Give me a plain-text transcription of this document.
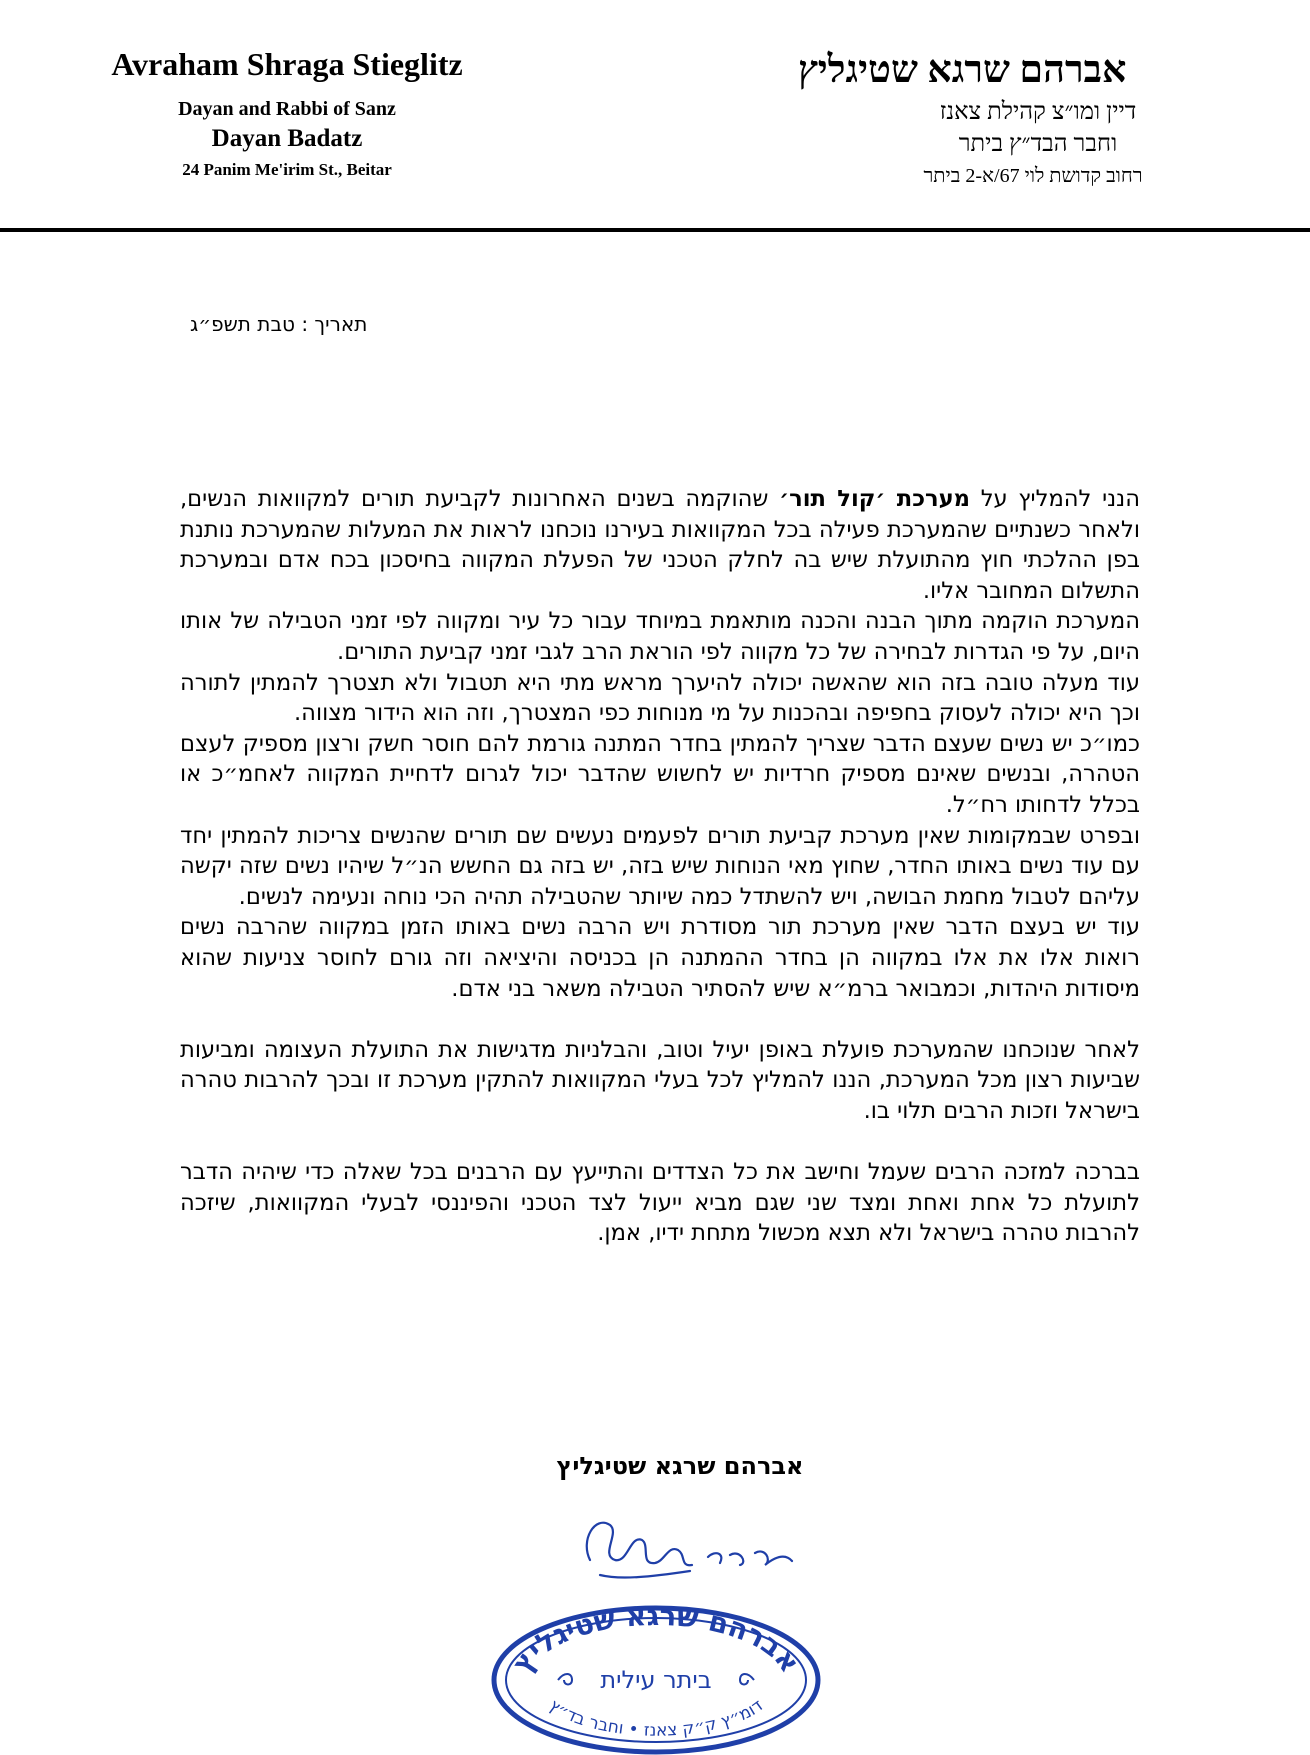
Avraham Shraga Stieglitz
Dayan and Rabbi of Sanz
Dayan Badatz
24 Panim Me'irim St., Beitar
אברהם שרגא שטיגליץ
דיין ומו״צ קהילת צאנז
וחבר הבד״ץ ביתר
רחוב קדושת לוי 67/א-2 ביתר
תאריך : טבת תשפ״ג

הנני להמליץ על מערכת ׳קול תור׳ שהוקמה בשנים האחרונות לקביעת תורים למקוואות הנשים, ולאחר כשנתיים שהמערכת פעילה בכל המקוואות בעירנו נוכחנו לראות את המעלות שהמערכת נותנת בפן ההלכתי חוץ מהתועלת שיש בה לחלק הטכני של הפעלת המקווה בחיסכון בכח אדם ובמערכת התשלום המחובר אליו.

המערכת הוקמה מתוך הבנה והכנה מותאמת במיוחד עבור כל עיר ומקווה לפי זמני הטבילה של אותו היום, על פי הגדרות לבחירה של כל מקווה לפי הוראת הרב לגבי זמני קביעת התורים.

עוד מעלה טובה בזה הוא שהאשה יכולה להיערך מראש מתי היא תטבול ולא תצטרך להמתין לתורה וכך היא יכולה לעסוק בחפיפה ובהכנות על מי מנוחות כפי המצטרך, וזה הוא הידור מצווה.

כמו״כ יש נשים שעצם הדבר שצריך להמתין בחדר המתנה גורמת להם חוסר חשק ורצון מספיק לעצם הטהרה, ובנשים שאינם מספיק חרדיות יש לחשוש שהדבר יכול לגרום לדחיית המקווה לאחמ״כ או בכלל לדחותו רח״ל.

ובפרט שבמקומות שאין מערכת קביעת תורים לפעמים נעשים שם תורים שהנשים צריכות להמתין יחד עם עוד נשים באותו החדר, שחוץ מאי הנוחות שיש בזה, יש בזה גם החשש הנ״ל שיהיו נשים שזה יקשה עליהם לטבול מחמת הבושה, ויש להשתדל כמה שיותר שהטבילה תהיה הכי נוחה ונעימה לנשים.

עוד יש בעצם הדבר שאין מערכת תור מסודרת ויש הרבה נשים באותו הזמן במקווה שהרבה נשים רואות אלו את אלו במקווה הן בחדר ההמתנה הן בכניסה והיציאה וזה גורם לחוסר צניעות שהוא מיסודות היהדות, וכמבואר ברמ״א שיש להסתיר הטבילה משאר בני אדם.

לאחר שנוכחנו שהמערכת פועלת באופן יעיל וטוב, והבלניות מדגישות את התועלת העצומה ומביעות שביעות רצון מכל המערכת, הננו להמליץ לכל בעלי המקוואות להתקין מערכת זו ובכך להרבות טהרה בישראל וזכות הרבים תלוי בו.

בברכה למזכה הרבים שעמל וחישב את כל הצדדים והתייעץ עם הרבנים בכל שאלה כדי שיהיה הדבר לתועלת כל אחת ואחת ומצד שני שגם מביא ייעול לצד הטכני והפיננסי לבעלי המקוואות, שיזכה להרבות טהרה בישראל ולא תצא מכשול מתחת ידיו, אמן.

אברהם שרגא שטיגליץ
אברהם שרגא שטיגליץ
ביתר עילית
דומ״ץ ק״ק צאנז • וחבר בד״ץ
